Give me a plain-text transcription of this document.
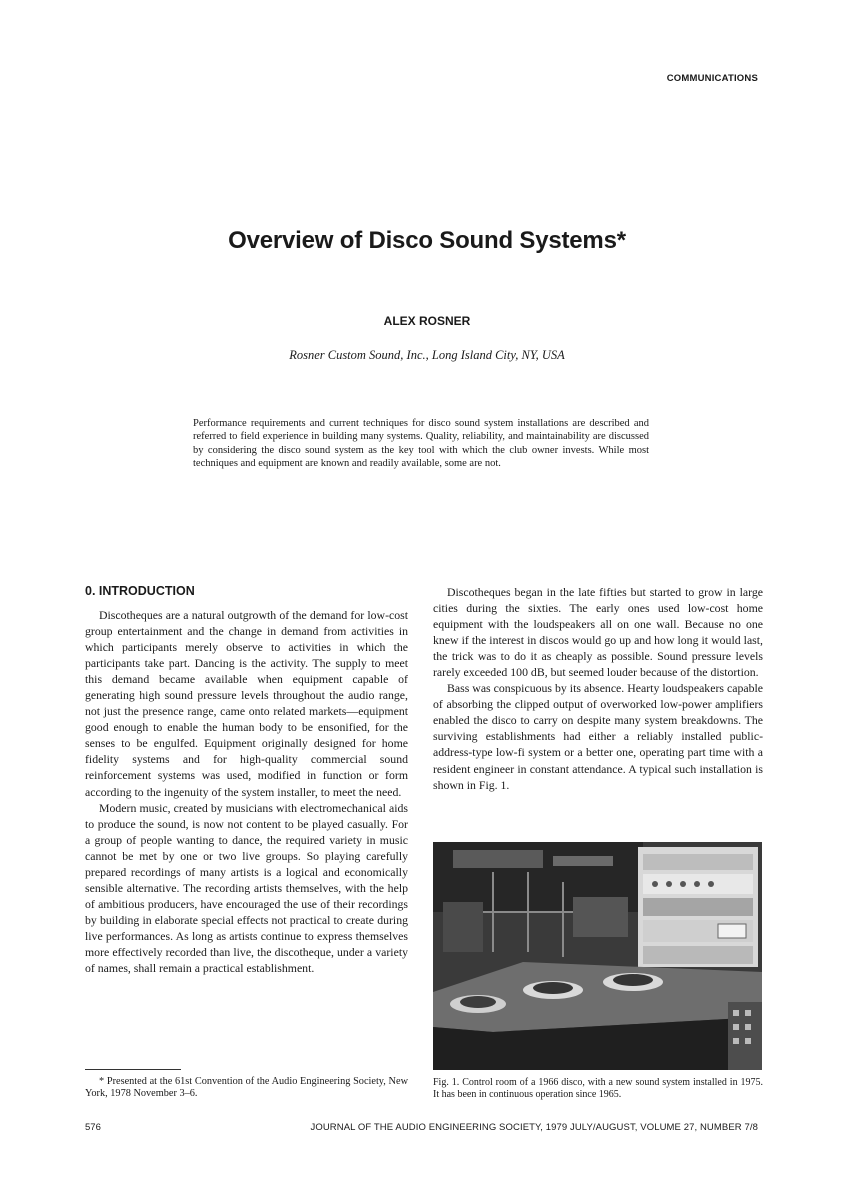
COMMUNICATIONS
Overview of Disco Sound Systems*
ALEX ROSNER
Rosner Custom Sound, Inc., Long Island City, NY, USA

Performance requirements and current techniques for disco sound system installations are described and referred to field experience in building many systems. Quality, reliability, and maintainability are discussed by considering the disco sound system as the key tool with which the club owner invests. While most techniques and equipment are known and readily available, some are not.

0. INTRODUCTION

Discotheques are a natural outgrowth of the demand for low-cost group entertainment and the change in demand from activities in which participants merely observe to activities in which the participants take part. Dancing is the activity. The supply to meet this demand became available when equipment capable of generating high sound pressure levels throughout the audio range, not just the presence range, came onto related markets—equipment good enough to enable the human body to be ensonified, for the senses to be engulfed. Equipment originally designed for home fidelity systems and for high-quality commercial sound reinforcement systems was used, modified in function or form according to the ingenuity of the system installer, to meet the need.

Modern music, created by musicians with electromechanical aids to produce the sound, is now not content to be played casually. For a group of people wanting to dance, the required variety in music cannot be met by one or two live groups. So playing carefully prepared recordings of many artists is a logical and economically sensible alternative. The recording artists themselves, with the help of ambitious producers, have encouraged the use of their recordings by building in elaborate special effects not practical to create during live performances. As long as artists continue to express themselves more effectively recorded than live, the discotheque, under a variety of names, shall remain a practical establishment.

Discotheques began in the late fifties but started to grow in large cities during the sixties. The early ones used low-cost home equipment with the loudspeakers all on one wall. Because no one knew if the interest in discos would go up and how long it would last, the trick was to do it as cheaply as possible. Sound pressure levels rarely exceeded 100 dB, but seemed louder because of the distortion.

Bass was conspicuous by its absence. Hearty loudspeakers capable of absorbing the clipped output of overworked low-power amplifiers enabled the disco to carry on despite many system breakdowns. The surviving establishments had either a reliably installed public-address-type low-fi system or a better one, operating part time with a resident engineer in constant attendance. A typical such installation is shown in Fig. 1.

Fig. 1. Control room of a 1966 disco, with a new sound system installed in 1975. It has been in continuous operation since 1965.

* Presented at the 61st Convention of the Audio Engineering Society, New York, 1978 November 3–6.

576	JOURNAL OF THE AUDIO ENGINEERING SOCIETY, 1979 JULY/AUGUST, VOLUME 27, NUMBER 7/8
